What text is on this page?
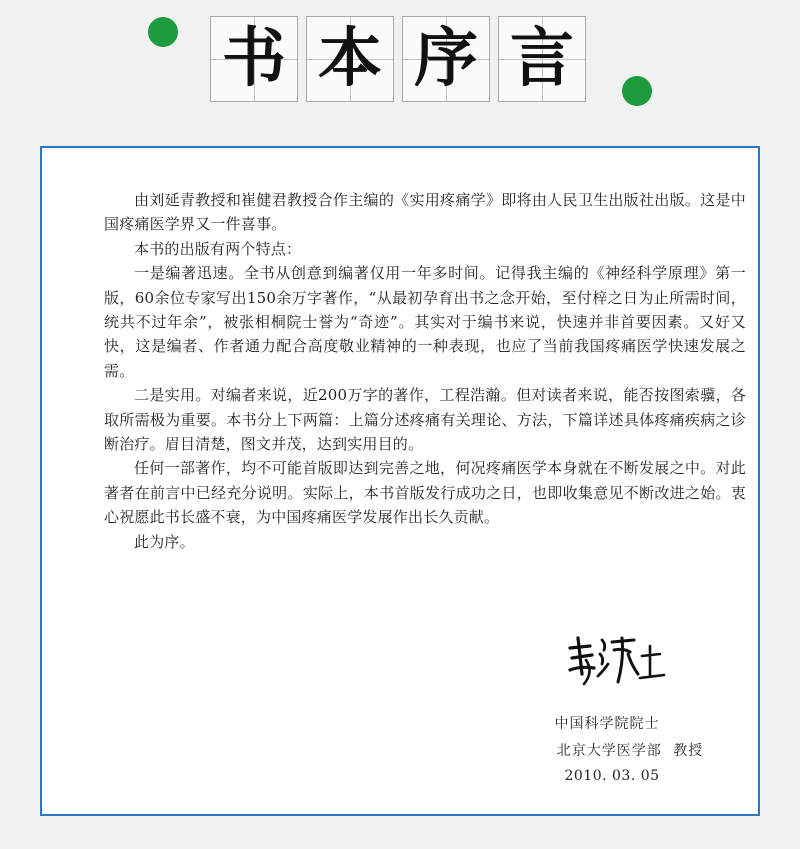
书 本 序 言

由刘延青教授和崔健君教授合作主编的《实用疼痛学》即将由人民卫生出版社出版。这是中国疼痛医学界又一件喜事。

本书的出版有两个特点：

一是编著迅速。全书从创意到编著仅用一年多时间。记得我主编的《神经科学原理》第一版，60余位专家写出150余万字著作，“从最初孕育出书之念开始，至付梓之日为止所需时间，统共不过年余”，被张相桐院士誉为“奇迹”。其实对于编书来说，快速并非首要因素。又好又快，这是编者、作者通力配合高度敬业精神的一种表现，也应了当前我国疼痛医学快速发展之需。

二是实用。对编者来说，近200万字的著作，工程浩瀚。但对读者来说，能否按图索骥，各取所需极为重要。本书分上下两篇：上篇分述疼痛有关理论、方法，下篇详述具体疼痛疾病之诊断治疗。眉目清楚，图文并茂，达到实用目的。

任何一部著作，均不可能首版即达到完善之地，何况疼痛医学本身就在不断发展之中。对此著者在前言中已经充分说明。实际上，本书首版发行成功之日，也即收集意见不断改进之始。衷心祝愿此书长盛不衰，为中国疼痛医学发展作出长久贡献。

此为序。

中国科学院院士
北京大学医学部 教授
2010. 03. 05
